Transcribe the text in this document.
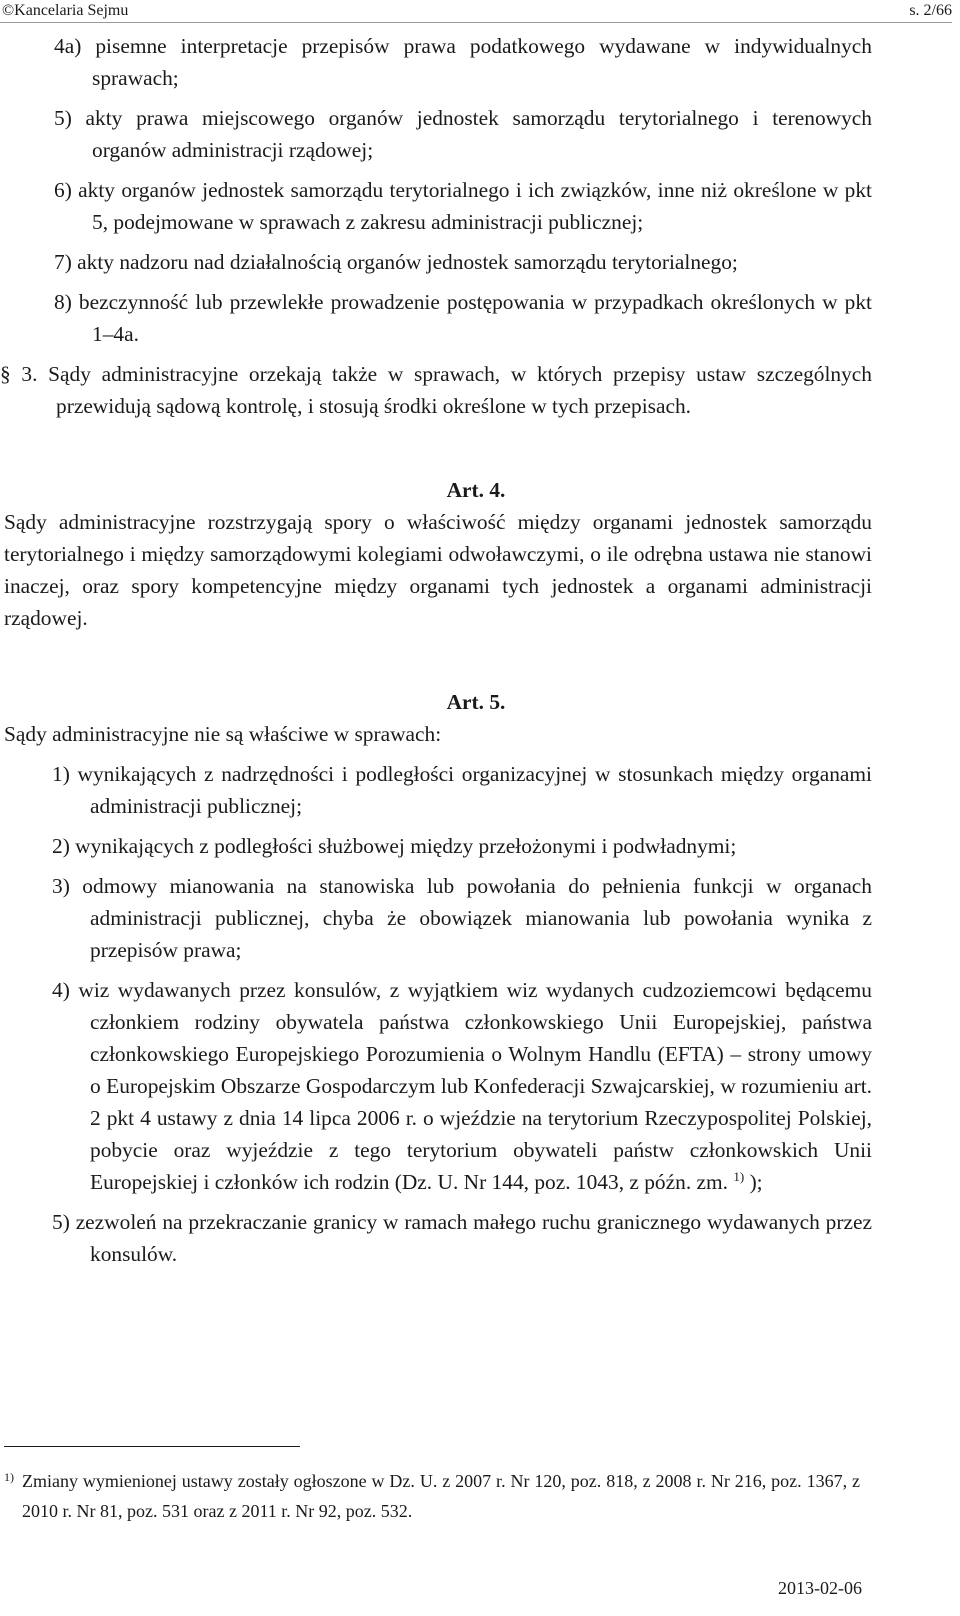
©Kancelaria Sejmu	s. 2/66
4a) pisemne interpretacje przepisów prawa podatkowego wydawane w indywidualnych sprawach;
5) akty prawa miejscowego organów jednostek samorządu terytorialnego i terenowych organów administracji rządowej;
6) akty organów jednostek samorządu terytorialnego i ich związków, inne niż określone w pkt 5, podejmowane w sprawach z zakresu administracji publicznej;
7) akty nadzoru nad działalnością organów jednostek samorządu terytorialnego;
8) bezczynność lub przewlekłe prowadzenie postępowania w przypadkach określonych w pkt 1–4a.
§ 3. Sądy administracyjne orzekają także w sprawach, w których przepisy ustaw szczególnych przewidują sądową kontrolę, i stosują środki określone w tych przepisach.
Art. 4.
Sądy administracyjne rozstrzygają spory o właściwość między organami jednostek samorządu terytorialnego i między samorządowymi kolegiami odwoławczymi, o ile odrębna ustawa nie stanowi inaczej, oraz spory kompetencyjne między organami tych jednostek a organami administracji rządowej.
Art. 5.
Sądy administracyjne nie są właściwe w sprawach:
1) wynikających z nadrzędności i podległości organizacyjnej w stosunkach między organami administracji publicznej;
2) wynikających z podległości służbowej między przełożonymi i podwładnymi;
3) odmowy mianowania na stanowiska lub powołania do pełnienia funkcji w organach administracji publicznej, chyba że obowiązek mianowania lub powołania wynika z przepisów prawa;
4) wiz wydawanych przez konsulów, z wyjątkiem wiz wydanych cudzoziemcowi będącemu członkiem rodziny obywatela państwa członkowskiego Unii Europejskiej, państwa członkowskiego Europejskiego Porozumienia o Wolnym Handlu (EFTA) – strony umowy o Europejskim Obszarze Gospodarczym lub Konfederacji Szwajcarskiej, w rozumieniu art. 2 pkt 4 ustawy z dnia 14 lipca 2006 r. o wjeździe na terytorium Rzeczypospolitej Polskiej, pobycie oraz wyjeździe z tego terytorium obywateli państw członkowskich Unii Europejskiej i członków ich rodzin (Dz. U. Nr 144, poz. 1043, z późn. zm. $^{1)}$ );
5) zezwoleń na przekraczanie granicy w ramach małego ruchu granicznego wydawanych przez konsulów.
1) Zmiany wymienionej ustawy zostały ogłoszone w Dz. U. z 2007 r. Nr 120, poz. 818, z 2008 r. Nr 216, poz. 1367, z 2010 r. Nr 81, poz. 531 oraz z 2011 r. Nr 92, poz. 532.
2013-02-06
